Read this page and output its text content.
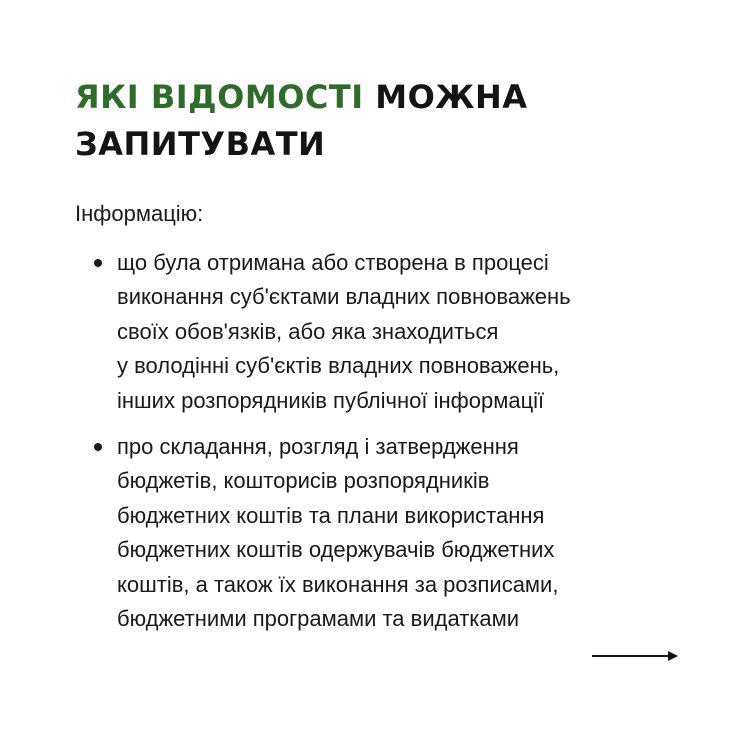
ЯКІ ВІДОМОСТІ МОЖНА
ЗАПИТУВАТИ

Інформацію:

що була отримана або створена в процесі
виконання суб'єктами владних повноважень
своїх обов'язків, або яка знаходиться
у володінні суб'єктів владних повноважень,
інших розпорядників публічної інформації
про складання, розгляд і затвердження
бюджетів, кошторисів розпорядників
бюджетних коштів та плани використання
бюджетних коштів одержувачів бюджетних
коштів, а також їх виконання за розписами,
бюджетними програмами та видатками
